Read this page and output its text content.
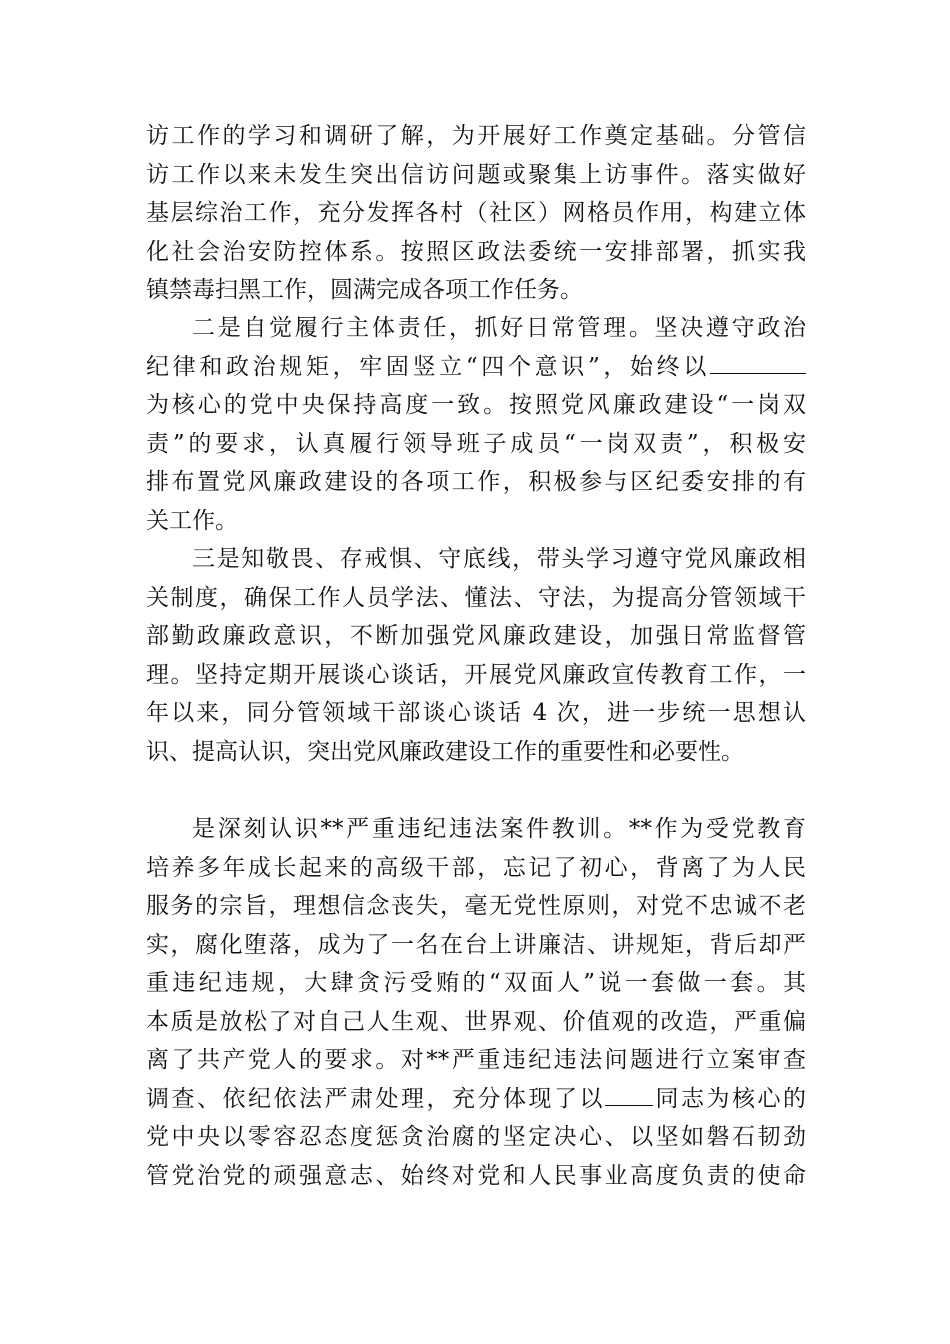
访工作的学习和调研了解，为开展好工作奠定基础。分管信
访工作以来未发生突出信访问题或聚集上访事件。落实做好
基层综治工作，充分发挥各村（社区）网格员作用，构建立体
化社会治安防控体系。按照区政法委统一安排部署，抓实我
镇禁毒扫黑工作，圆满完成各项工作任务。
二是自觉履行主体责任，抓好日常管理。坚决遵守政治
纪律和政治规矩，牢固竖立“四个意识”，始终以
为核心的党中央保持高度一致。按照党风廉政建设“一岗双
责”的要求，认真履行领导班子成员“一岗双责”，积极安
排布置党风廉政建设的各项工作，积极参与区纪委安排的有
关工作。
三是知敬畏、存戒惧、守底线，带头学习遵守党风廉政相
关制度，确保工作人员学法、懂法、守法，为提高分管领域干
部勤政廉政意识，不断加强党风廉政建设，加强日常监督管
理。坚持定期开展谈心谈话，开展党风廉政宣传教育工作，一
年以来，同分管领域干部谈心谈话 4 次，进一步统一思想认
识、提高认识，突出党风廉政建设工作的重要性和必要性。
是深刻认识**严重违纪违法案件教训。**作为受党教育
培养多年成长起来的高级干部，忘记了初心，背离了为人民
服务的宗旨，理想信念丧失，毫无党性原则，对党不忠诚不老
实，腐化堕落，成为了一名在台上讲廉洁、讲规矩，背后却严
重违纪违规，大肆贪污受贿的“双面人”说一套做一套。其
本质是放松了对自己人生观、世界观、价值观的改造，严重偏
离了共产党人的要求。对**严重违纪违法问题进行立案审查
调查、依纪依法严肃处理，充分体现了以 同志为核心的
党中央以零容忍态度惩贪治腐的坚定决心、以坚如磐石韧劲
管党治党的顽强意志、始终对党和人民事业高度负责的使命
